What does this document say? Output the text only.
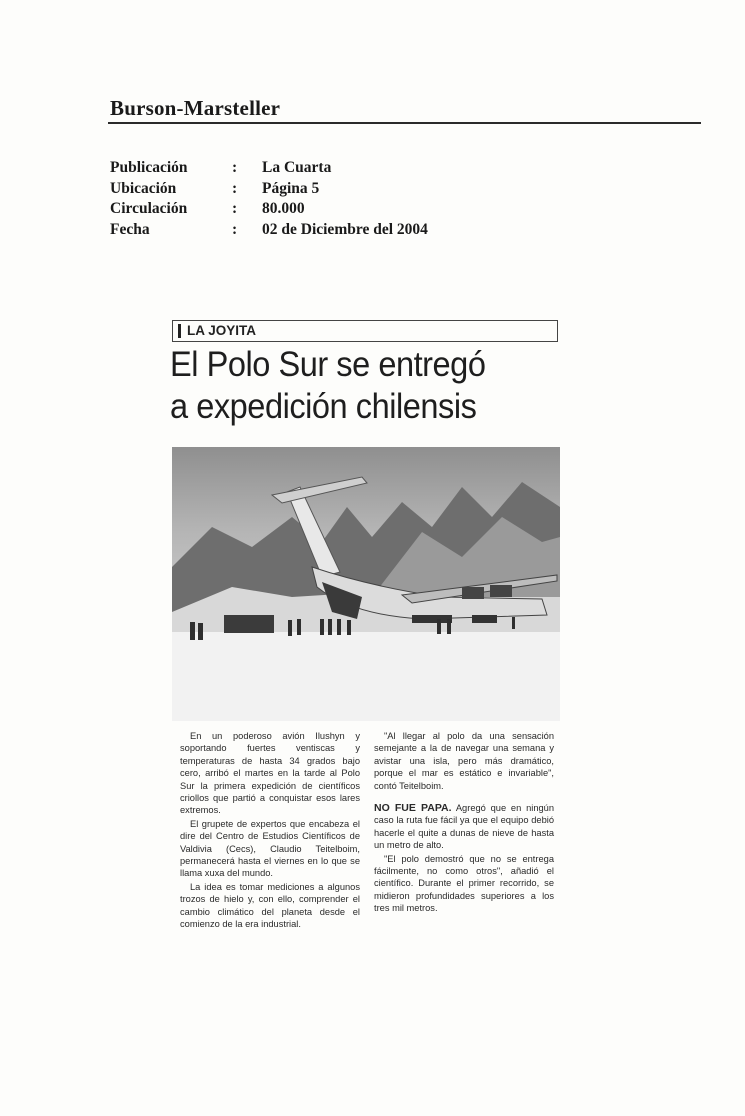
Burson-Marsteller
Publicación	:	La Cuarta
Ubicación	:	Página 5
Circulación	:	80.000
Fecha	:	02 de Diciembre del 2004
LA JOYITA
El Polo Sur se entregó
a expedición chilensis

En un poderoso avión Ilushyn y soportando fuertes ventiscas y temperaturas de hasta 34 grados bajo cero, arribó el martes en la tarde al Polo Sur la primera expedición de científicos criollos que partió a conquistar esos lares extremos.

El grupete de expertos que encabeza el dire del Centro de Estudios Científicos de Valdivia (Cecs), Claudio Teitelboim, permanecerá hasta el viernes en lo que se llama xuxa del mundo.

La idea es tomar mediciones a algunos trozos de hielo y, con ello, comprender el cambio climático del planeta desde el comienzo de la era industrial.

"Al llegar al polo da una sensación semejante a la de navegar una semana y avistar una isla, pero más dramático, porque el mar es estático e invariable", contó Teitelboim.

NO FUE PAPA. Agregó que en ningún caso la ruta fue fácil ya que el equipo debió hacerle el quite a dunas de nieve de hasta un metro de alto.

"El polo demostró que no se entrega fácilmente, no como otros", añadió el científico. Durante el primer recorrido, se midieron profundidades superiores a los tres mil metros.
